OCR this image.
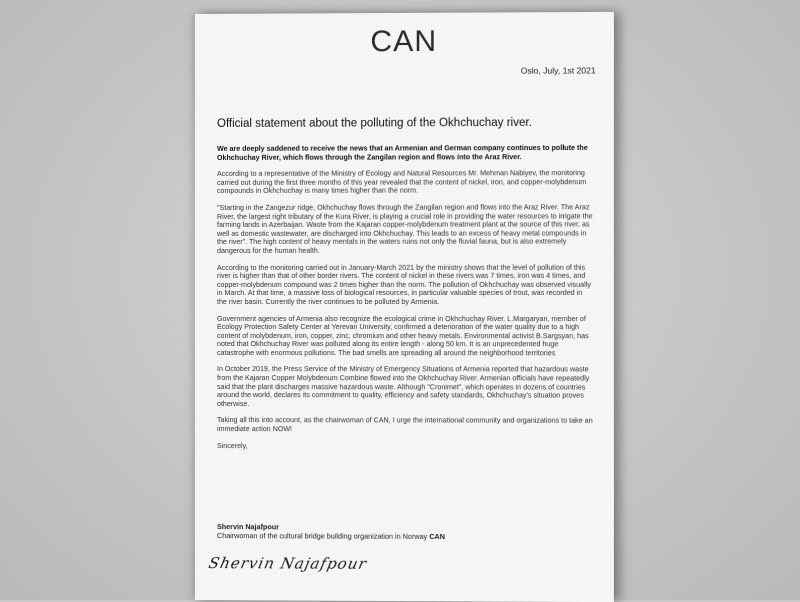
CAN
Oslo, July, 1st 2021
Official statement about the polluting of the Okhchuchay river.

We are deeply saddened to receive the news that an Armenian and German company continues to pollute the Okhchuchay River, which flows through the Zangilan region and flows into the Araz River.

According to a representative of the Ministry of Ecology and Natural Resources Mr. Mehman Nabiyev, the monitoring carried out during the first three months of this year revealed that the content of nickel, iron, and copper-molybdenum compounds in Okhchuchay is many times higher than the norm.

"Starting in the Zangezur ridge, Okhchuchay flows through the Zangilan region and flows into the Araz River. The Araz River, the largest right tributary of the Kura River, is playing a crucial role in providing the water resources to irrigate the farming lands in Azerbaijan. Waste from the Kajaran copper-molybdenum treatment plant at the source of this river, as well as domestic wastewater, are discharged into Okhchuchay. This leads to an excess of heavy metal compounds in the river". The high content of heavy mentals in the waters ruins not only the fluvial fauna, but is also extremely dangerous for the human health.

According to the monitoring carried out in January-March 2021 by the ministry shows that the level of pollution of this river is higher than that of other border rivers. The content of nickel in these rivers was 7 times, iron was 4 times, and copper-molybdenum compound was 2 times higher than the norm. The pollution of Okhchuchay was observed visually in March. At that time, a massive loss of biological resources, in particular valuable species of trout, was recorded in the river basin. Currently the river continues to be polluted by Armenia.

Government agencies of Armenia also recognize the ecological crime in Okhchuchay River. L.Margaryan, member of Ecology Protection Safety Center at Yerevan University, confirmed a deterioration of the water quality due to a high content of molybdenum, iron, copper, zinc, chromium and other heavy metals. Environmental activist B.Sargsyan, has noted that Okhchuchay River was polluted along its entire length - along 50 km. It is an unprecedented huge catastrophe with enormous pollutions. The bad smells are spreading all around the neighborhood territories

In October 2019, the Press Service of the Ministry of Emergency Situations of Armenia reported that hazardous waste from the Kajaran Copper Molybdenum Combine flowed into the Okhchuchay River. Armenian officials have repeatedly said that the plant discharges massive hazardous waste. Although "Cronimet", which operates in dozens of countries around the world, declares its commitment to quality, efficiency and safety standards, Okhchuchay's situation proves otherwise.

Taking all this into account, as the chairwoman of CAN, I urge the international community and organizations to take an immediate action NOW!

Sincerely,

Shervin Najafpour
Chairwoman of the cultural bridge building organization in Norway CAN
Shervin Najafpour
